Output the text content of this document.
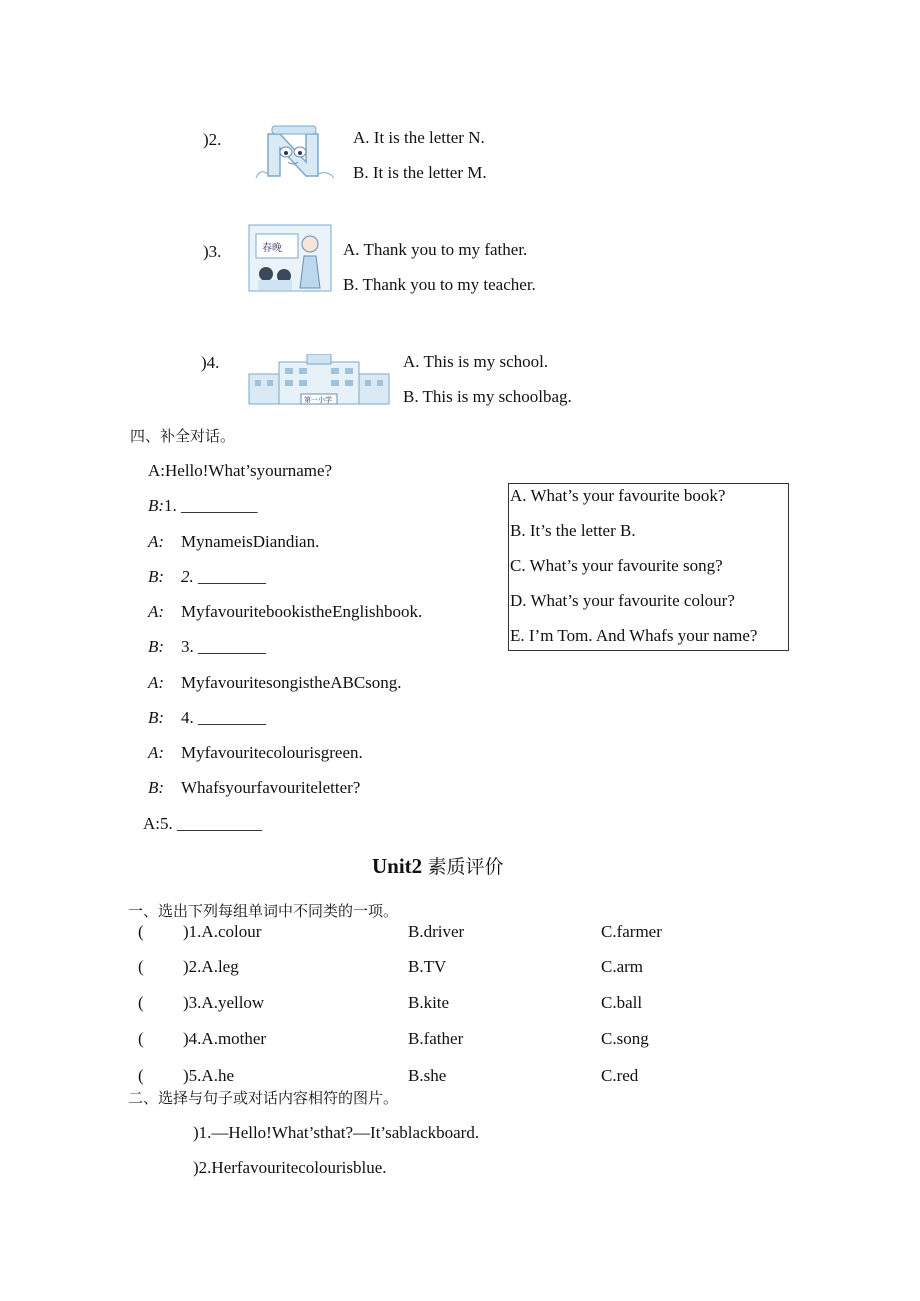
)2.	A. It is the letter N.
B. It is the letter M.
)3.	春晚	A. Thank you to my father.
B. Thank you to my teacher.
)4.
第一小学
A. This is my school.
B. This is my schoolbag.
四、补全对话。
A:Hello!What’syourname?
B:1. _________
A: MynameisDiandian.
B: 2. ________
A: MyfavouritebookistheEnglishbook.
B: 3. ________
A: MyfavouritesongistheABCsong.
B: 4. ________
A: Myfavouritecolourisgreen.
B: Whafsyourfavouriteletter?
A: 5. __________
A. What’s your favourite book?
B. It’s the letter B.
C. What’s your favourite song?
D. What’s your favourite colour?
E. I’m Tom. And Whafs your name?
Unit2 素质评价
一、选出下列每组单词中不同类的一项。
( )1.A.colour	B.driver	C.farmer
( )2.A.leg	B.TV	C.arm
( )3.A.yellow	B.kite	C.ball
( )4.A.mother	B.father	C.song
( )5.A.he	B.she	C.red
二、选择与句子或对话内容相符的图片。
)1.—Hello!What’sthat?—It’sablackboard.
)2.Herfavouritecolourisblue.
